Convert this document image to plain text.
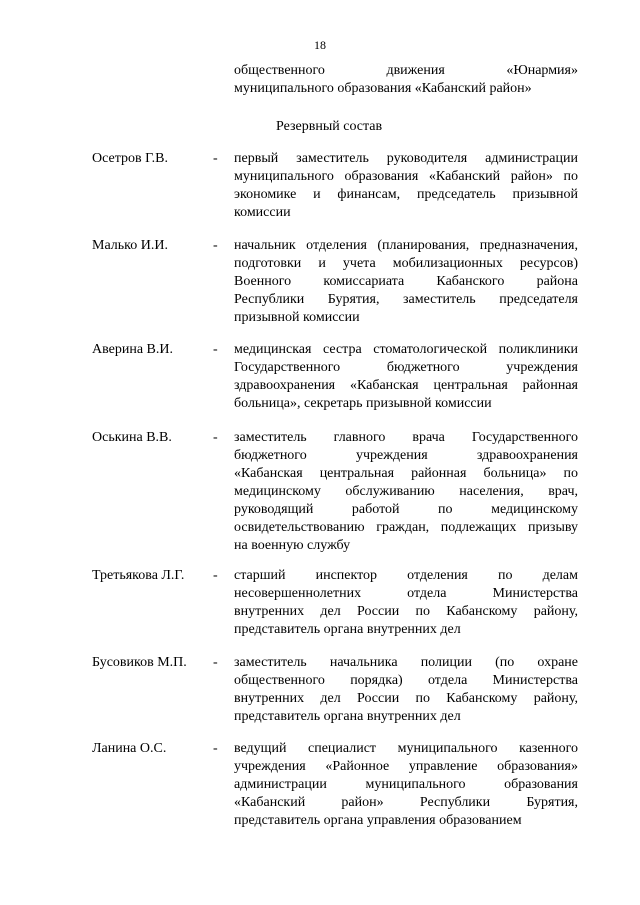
18
общественного движения «Юнармия»
муниципального образования «Кабанский район»
Резервный состав
Осетров Г.В.	- первый заместитель руководителя администрации
муниципального образования «Кабанский район» по
экономике и финансам, председатель призывной
комиссии
Малько И.И.	- начальник отделения (планирования, предназначения,
подготовки и учета мобилизационных ресурсов)
Военного комиссариата Кабанского района
Республики Бурятия, заместитель председателя
призывной комиссии
Аверина В.И.	- медицинская сестра стоматологической поликлиники
Государственного бюджетного учреждения
здравоохранения «Кабанская центральная районная
больница», секретарь призывной комиссии
Оськина В.В.	- заместитель главного врача Государственного
бюджетного учреждения здравоохранения
«Кабанская центральная районная больница» по
медицинскому обслуживанию населения, врач,
руководящий работой по медицинскому
освидетельствованию граждан, подлежащих призыву
на военную службу
Третьякова Л.Г. - старший инспектор отделения по делам
несовершеннолетних отдела Министерства
внутренних дел России по Кабанскому району,
представитель органа внутренних дел
Бусовиков М.П. - заместитель начальника полиции (по охране
общественного порядка) отдела Министерства
внутренних дел России по Кабанскому району,
представитель органа внутренних дел
Ланина О.С.	- ведущий специалист муниципального казенного
учреждения «Районное управление образования»
администрации муниципального образования
«Кабанский район» Республики Бурятия,
представитель органа управления образованием
